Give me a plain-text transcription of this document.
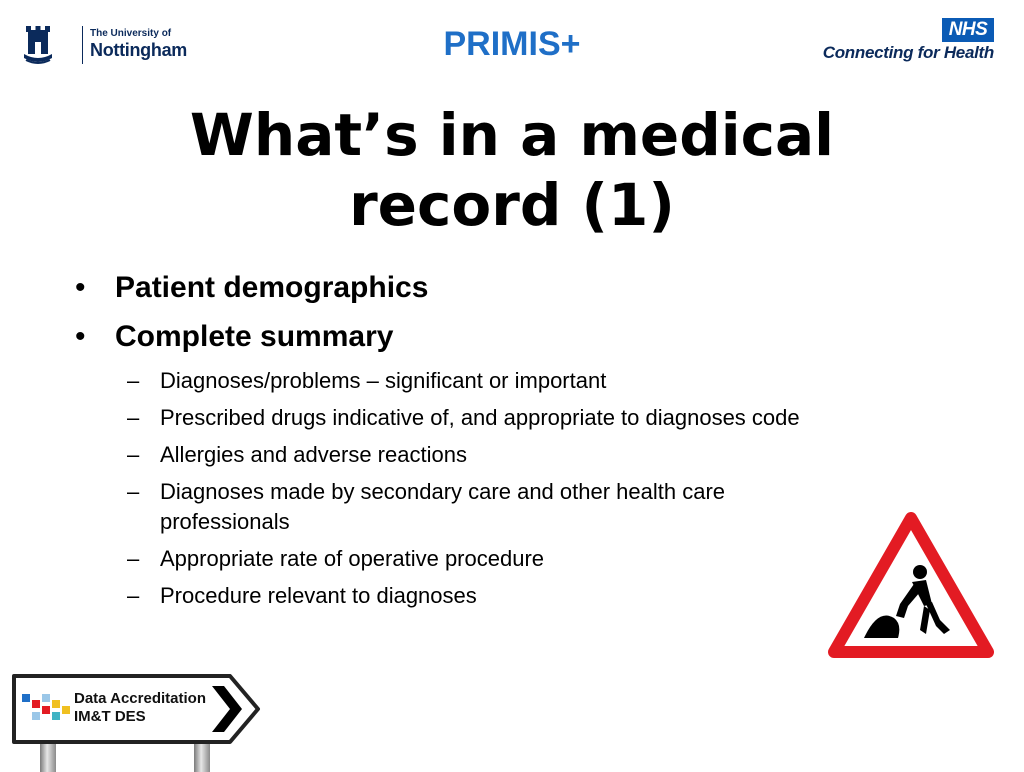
The University of
Nottingham	PRIMIS+	NHS
Connecting for Health
What’s in a medical
record (1)
• Patient demographics
• Complete summary
– Diagnoses/problems – significant or important
– Prescribed drugs indicative of, and appropriate to diagnoses code
– Allergies and adverse reactions
– Diagnoses made by secondary care and other health care professionals
– Appropriate rate of operative procedure
– Procedure relevant to diagnoses
Data Accreditation
IM&T DES
